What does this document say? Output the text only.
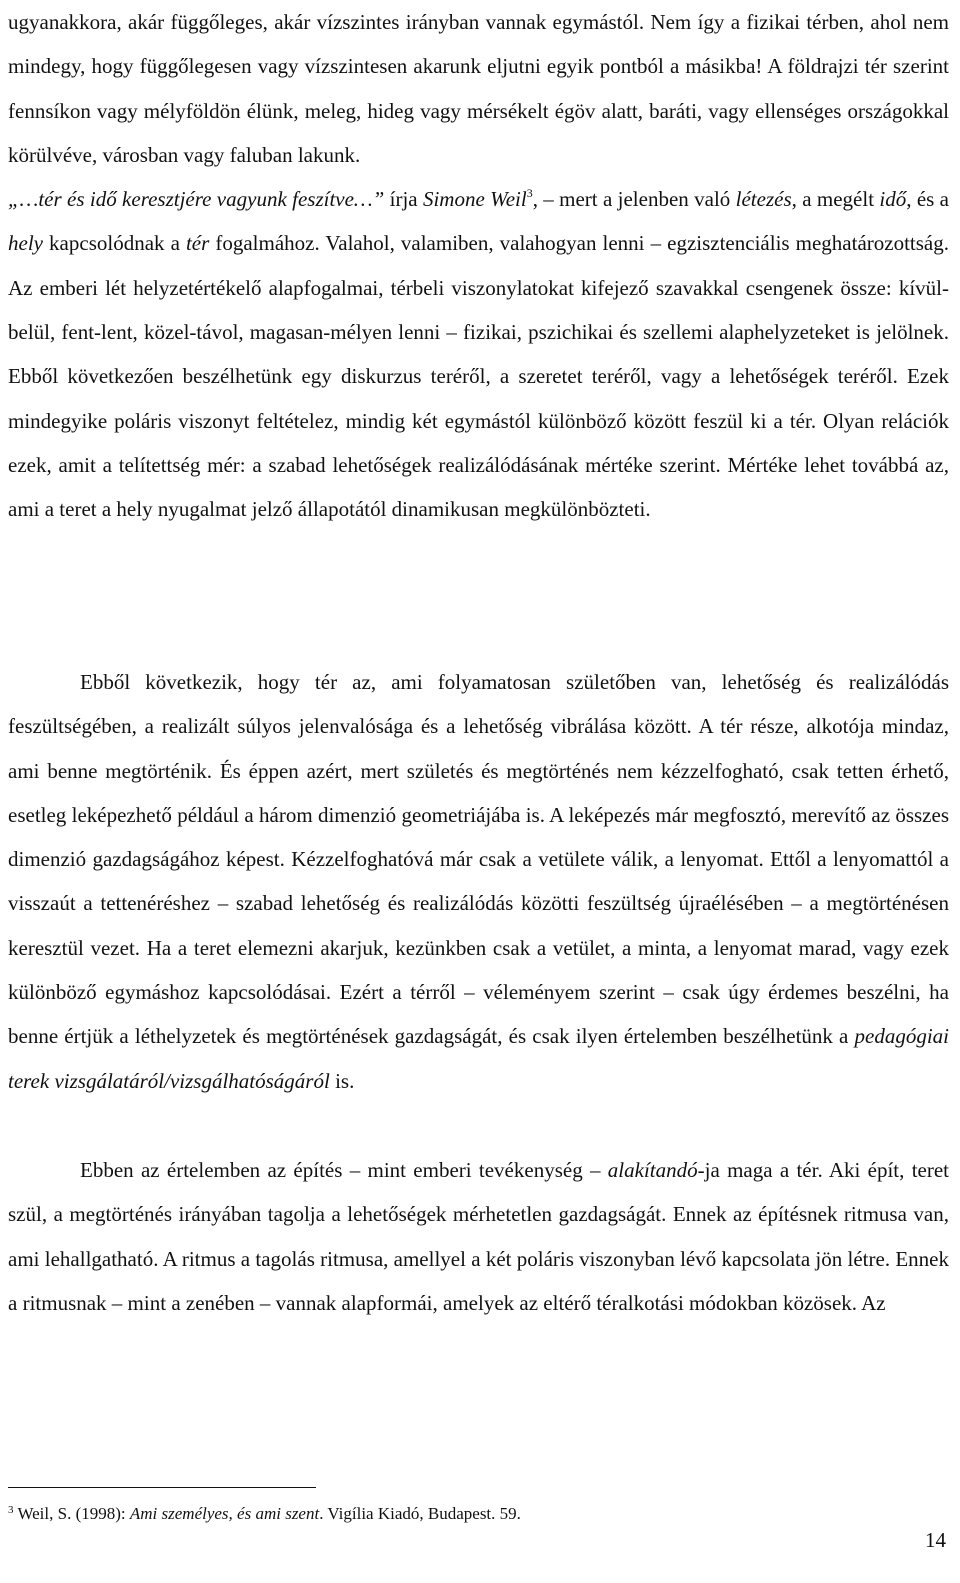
ugyanakkora, akár függőleges, akár vízszintes irányban vannak egymástól. Nem így a fizikai térben, ahol nem mindegy, hogy függőlegesen vagy vízszintesen akarunk eljutni egyik pontból a másikba! A földrajzi tér szerint fennsíkon vagy mélyföldön élünk, meleg, hideg vagy mérsékelt égöv alatt, baráti, vagy ellenséges országokkal körülvéve, városban vagy faluban lakunk.
„…tér és idő keresztjére vagyunk feszítve…” írja Simone Weil$^3$, – mert a jelenben való létezés, a megélt idő, és a hely kapcsolódnak a tér fogalmához. Valahol, valamiben, valahogyan lenni – egzisztenciális meghatározottság. Az emberi lét helyzetértékelő alapfogalmai, térbeli viszonylatokat kifejező szavakkal csengenek össze: kívül-belül, fent-lent, közel-távol, magasan-mélyen lenni – fizikai, pszichikai és szellemi alaphelyzeteket is jelölnek. Ebből következően beszélhetünk egy diskurzus teréről, a szeretet teréről, vagy a lehetőségek teréről. Ezek mindegyike poláris viszonyt feltételez, mindig két egymástól különböző között feszül ki a tér. Olyan relációk ezek, amit a telítettség mér: a szabad lehetőségek realizálódásának mértéke szerint. Mértéke lehet továbbá az, ami a teret a hely nyugalmat jelző állapotától dinamikusan megkülönbözteti.

Ebből következik, hogy tér az, ami folyamatosan születőben van, lehetőség és realizálódás feszültségében, a realizált súlyos jelenvalósága és a lehetőség vibrálása között. A tér része, alkotója mindaz, ami benne megtörténik. És éppen azért, mert születés és megtörténés nem kézzelfogható, csak tetten érhető, esetleg leképezhető például a három dimenzió geometriájába is. A leképezés már megfosztó, merevítő az összes dimenzió gazdagságához képest. Kézzelfoghatóvá már csak a vetülete válik, a lenyomat. Ettől a lenyomattól a visszaút a tettenéréshez – szabad lehetőség és realizálódás közötti feszültség újraélésében – a megtörténésen keresztül vezet. Ha a teret elemezni akarjuk, kezünkben csak a vetület, a minta, a lenyomat marad, vagy ezek különböző egymáshoz kapcsolódásai. Ezért a térről – véleményem szerint – csak úgy érdemes beszélni, ha benne értjük a léthelyzetek és megtörténések gazdagságát, és csak ilyen értelemben beszélhetünk a pedagógiai terek vizsgálatáról/vizsgálhatóságáról is.

Ebben az értelemben az építés – mint emberi tevékenység – alakítandó-ja maga a tér. Aki épít, teret szül, a megtörténés irányában tagolja a lehetőségek mérhetetlen gazdagságát. Ennek az építésnek ritmusa van, ami lehallgatható. A ritmus a tagolás ritmusa, amellyel a két poláris viszonyban lévő kapcsolata jön létre. Ennek a ritmusnak – mint a zenében – vannak alapformái, amelyek az eltérő téralkotási módokban közösek. Az

$^3$ Weil, S. (1998): Ami személyes, és ami szent. Vigília Kiadó, Budapest. 59.

14
